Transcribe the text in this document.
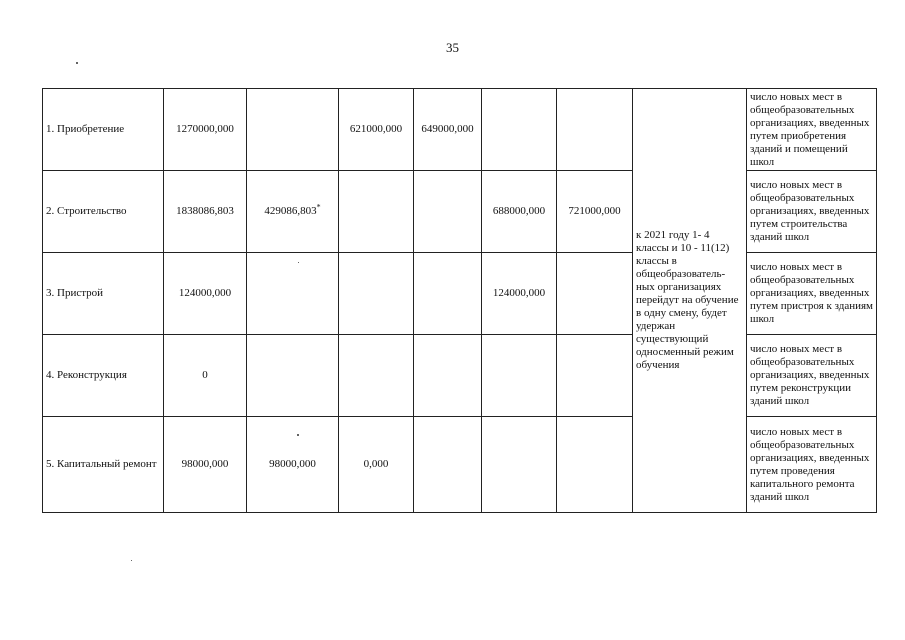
35
1. Приобретение	1270000,000		621000,000	649000,000			к 2021 году 1- 4 классы и 10 - 11(12) классы в общеобразователь-ных организациях перейдут на обучение в одну смену, будет удержан существующий односменный режим обучения	число новых мест в общеобразовательных организациях, введенных путем приобретения зданий и помещений школ
2. Строительство	1838086,803	429086,803*			688000,000	721000,000		число новых мест в общеобразовательных организациях, введенных путем строительства зданий школ
3. Пристрой	124000,000				124000,000			число новых мест в общеобразовательных организациях, введенных путем пристроя к зданиям школ
4. Реконструкция	0							число новых мест в общеобразовательных организациях, введенных путем реконструкции зданий школ
5. Капитальный ремонт	98000,000	98000,000	0,000					число новых мест в общеобразовательных организациях, введенных путем проведения капитального ремонта зданий школ
